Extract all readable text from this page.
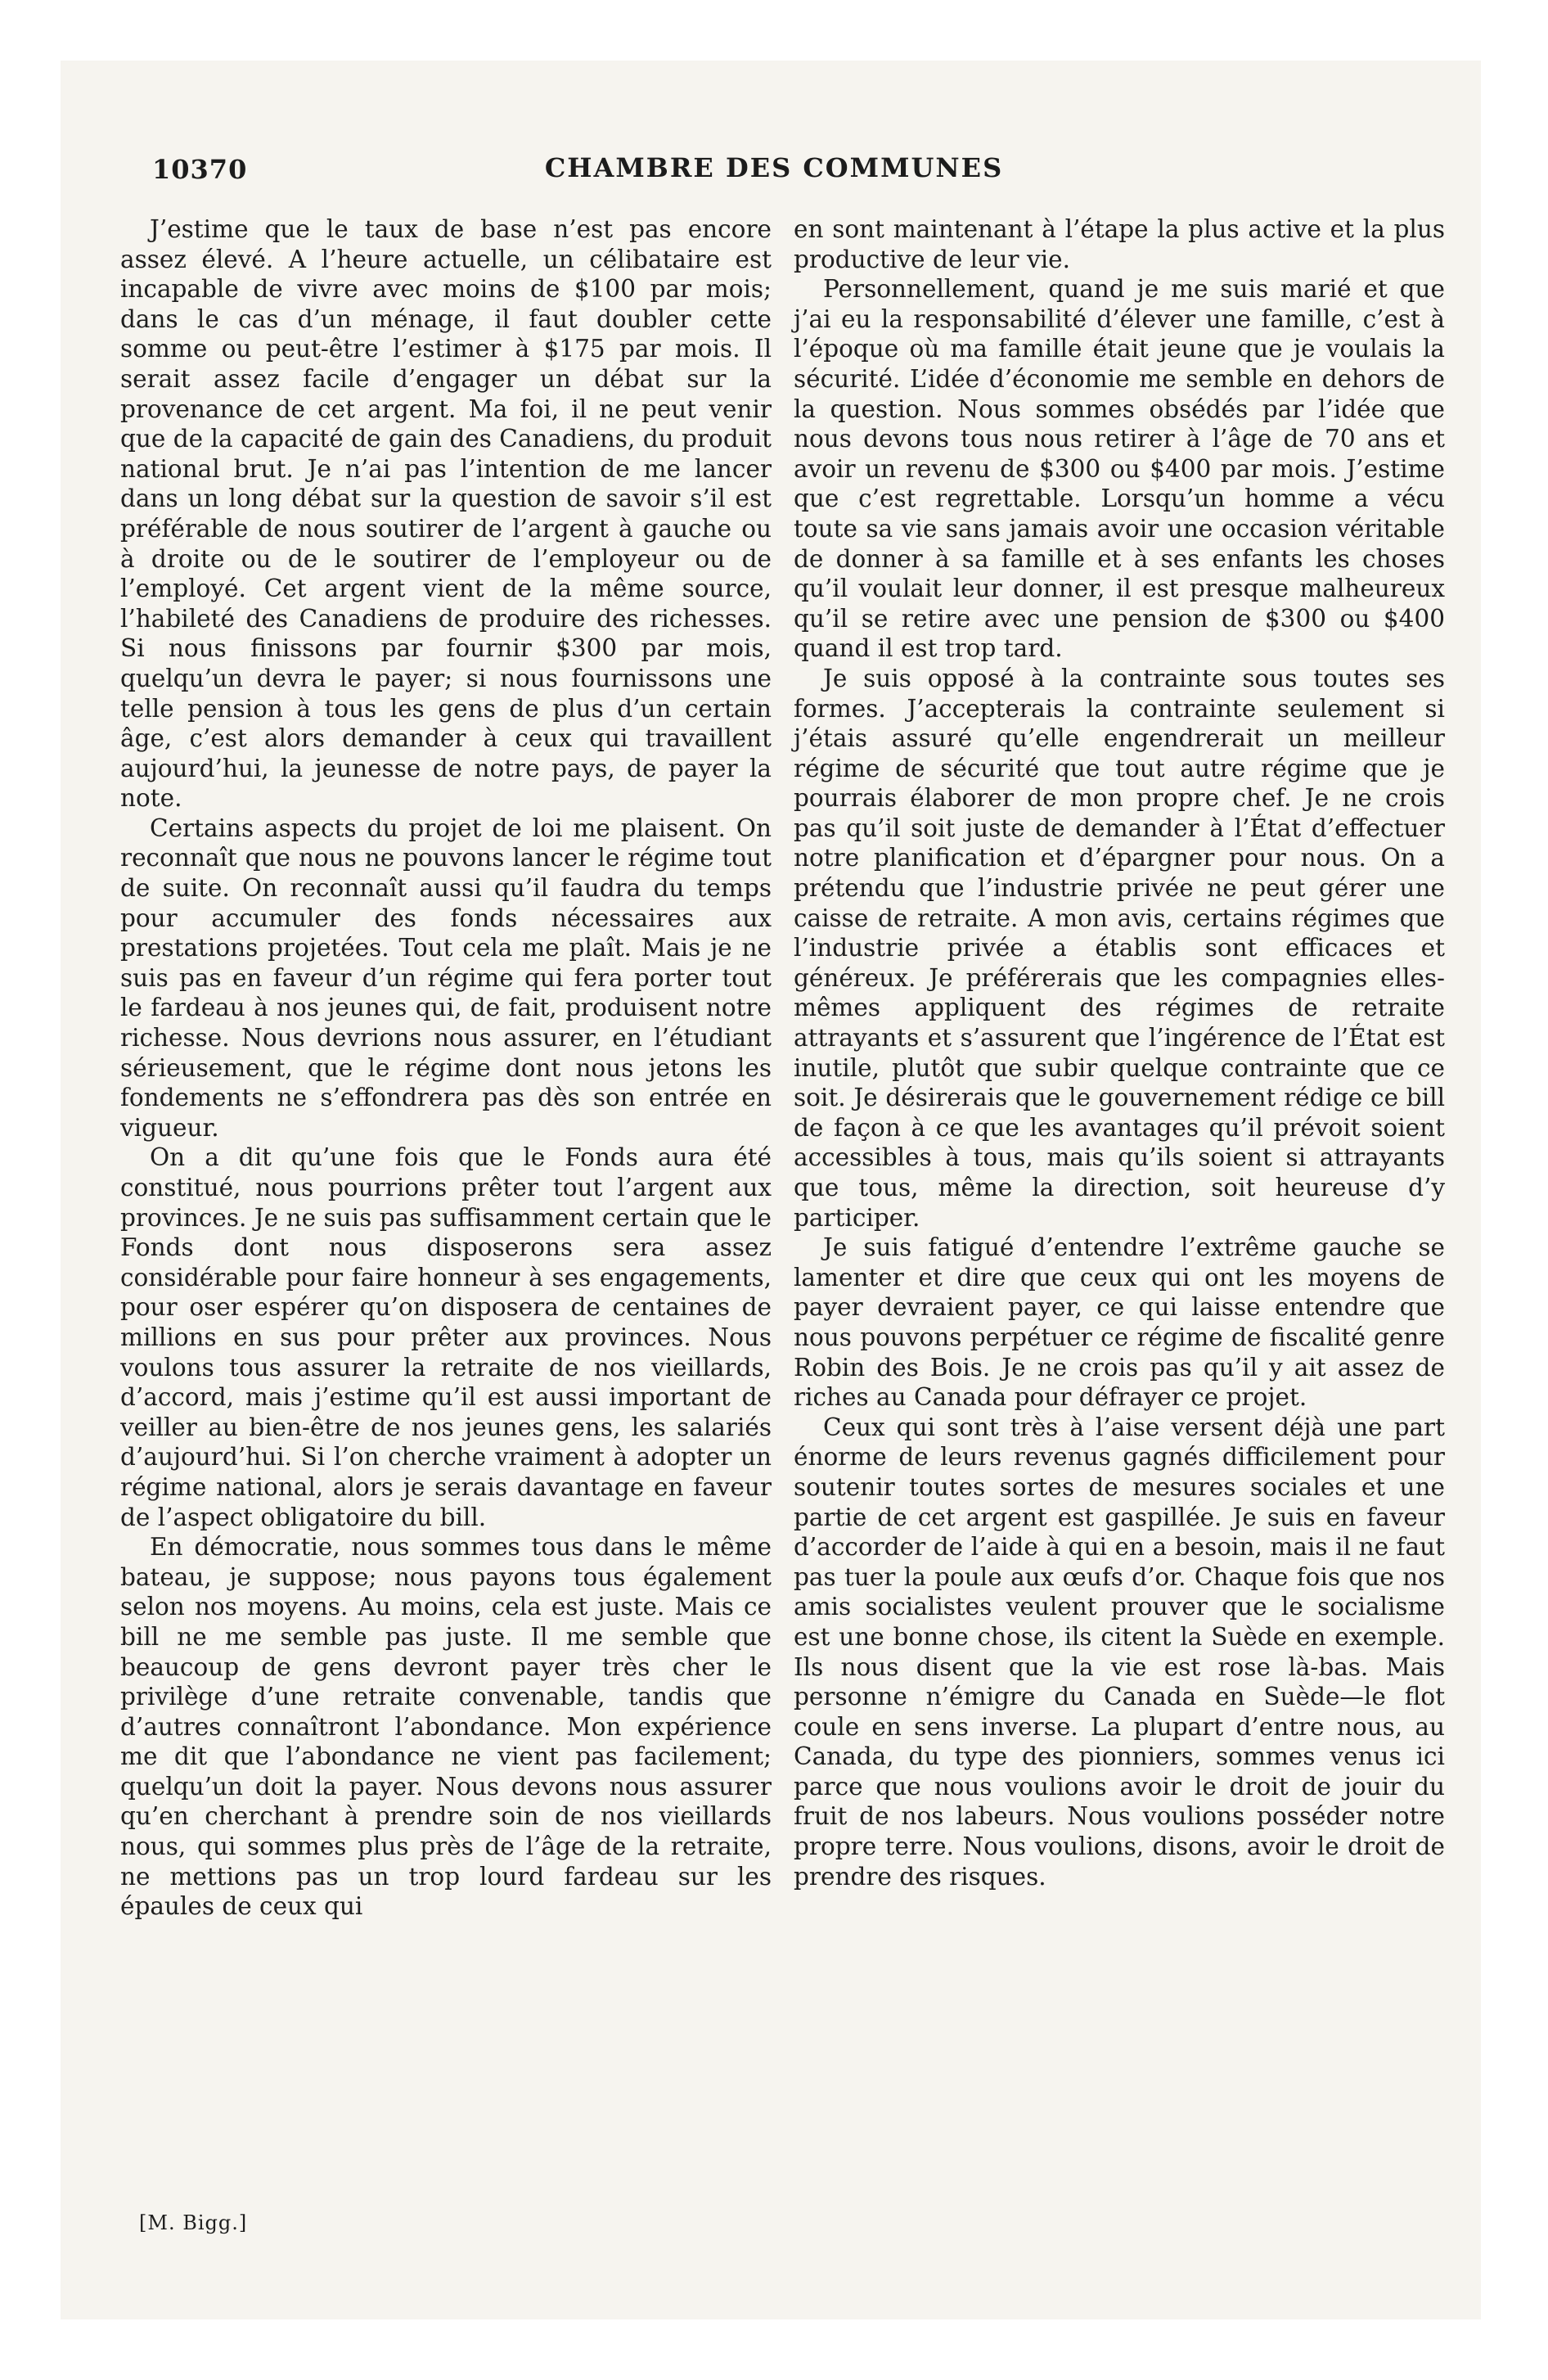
10370	CHAMBRE DES COMMUNES

J’estime que le taux de base n’est pas encore assez élevé. A l’heure actuelle, un célibataire est incapable de vivre avec moins de $100 par mois; dans le cas d’un ménage, il faut doubler cette somme ou peut-être l’estimer à $175 par mois. Il serait assez facile d’engager un débat sur la provenance de cet argent. Ma foi, il ne peut venir que de la capacité de gain des Canadiens, du produit national brut. Je n’ai pas l’intention de me lancer dans un long débat sur la question de savoir s’il est préférable de nous soutirer de l’argent à gauche ou à droite ou de le soutirer de l’employeur ou de l’employé. Cet argent vient de la même source, l’habileté des Canadiens de produire des richesses. Si nous finissons par fournir $300 par mois, quelqu’un devra le payer; si nous fournissons une telle pension à tous les gens de plus d’un certain âge, c’est alors demander à ceux qui travaillent aujourd’hui, la jeunesse de notre pays, de payer la note.

Certains aspects du projet de loi me plaisent. On reconnaît que nous ne pouvons lancer le régime tout de suite. On reconnaît aussi qu’il faudra du temps pour accumuler des fonds nécessaires aux prestations projetées. Tout cela me plaît. Mais je ne suis pas en faveur d’un régime qui fera porter tout le fardeau à nos jeunes qui, de fait, produisent notre richesse. Nous devrions nous assurer, en l’étudiant sérieusement, que le régime dont nous jetons les fondements ne s’effondrera pas dès son entrée en vigueur.

On a dit qu’une fois que le Fonds aura été constitué, nous pourrions prêter tout l’argent aux provinces. Je ne suis pas suffisamment certain que le Fonds dont nous disposerons sera assez considérable pour faire honneur à ses engagements, pour oser espérer qu’on disposera de centaines de millions en sus pour prêter aux provinces. Nous voulons tous assurer la retraite de nos vieillards, d’accord, mais j’estime qu’il est aussi important de veiller au bien-être de nos jeunes gens, les salariés d’aujourd’hui. Si l’on cherche vraiment à adopter un régime national, alors je serais davantage en faveur de l’aspect obligatoire du bill.

En démocratie, nous sommes tous dans le même bateau, je suppose; nous payons tous également selon nos moyens. Au moins, cela est juste. Mais ce bill ne me semble pas juste. Il me semble que beaucoup de gens devront payer très cher le privilège d’une retraite convenable, tandis que d’autres connaîtront l’abondance. Mon expérience me dit que l’abondance ne vient pas facilement; quelqu’un doit la payer. Nous devons nous assurer qu’en cherchant à prendre soin de nos vieillards nous, qui sommes plus près de l’âge de la retraite, ne mettions pas un trop lourd fardeau sur les épaules de ceux qui

en sont maintenant à l’étape la plus active et la plus productive de leur vie.

Personnellement, quand je me suis marié et que j’ai eu la responsabilité d’élever une famille, c’est à l’époque où ma famille était jeune que je voulais la sécurité. L’idée d’économie me semble en dehors de la question. Nous sommes obsédés par l’idée que nous devons tous nous retirer à l’âge de 70 ans et avoir un revenu de $300 ou $400 par mois. J’estime que c’est regrettable. Lorsqu’un homme a vécu toute sa vie sans jamais avoir une occasion véritable de donner à sa famille et à ses enfants les choses qu’il voulait leur donner, il est presque malheureux qu’il se retire avec une pension de $300 ou $400 quand il est trop tard.

Je suis opposé à la contrainte sous toutes ses formes. J’accepterais la contrainte seulement si j’étais assuré qu’elle engendrerait un meilleur régime de sécurité que tout autre régime que je pourrais élaborer de mon propre chef. Je ne crois pas qu’il soit juste de demander à l’État d’effectuer notre planification et d’épargner pour nous. On a prétendu que l’industrie privée ne peut gérer une caisse de retraite. A mon avis, certains régimes que l’industrie privée a établis sont efficaces et généreux. Je préférerais que les compagnies elles-mêmes appliquent des régimes de retraite attrayants et s’assurent que l’ingérence de l’État est inutile, plutôt que subir quelque contrainte que ce soit. Je désirerais que le gouvernement rédige ce bill de façon à ce que les avantages qu’il prévoit soient accessibles à tous, mais qu’ils soient si attrayants que tous, même la direction, soit heureuse d’y participer.

Je suis fatigué d’entendre l’extrême gauche se lamenter et dire que ceux qui ont les moyens de payer devraient payer, ce qui laisse entendre que nous pouvons perpétuer ce régime de fiscalité genre Robin des Bois. Je ne crois pas qu’il y ait assez de riches au Canada pour défrayer ce projet.

Ceux qui sont très à l’aise versent déjà une part énorme de leurs revenus gagnés difficilement pour soutenir toutes sortes de mesures sociales et une partie de cet argent est gaspillée. Je suis en faveur d’accorder de l’aide à qui en a besoin, mais il ne faut pas tuer la poule aux œufs d’or. Chaque fois que nos amis socialistes veulent prouver que le socialisme est une bonne chose, ils citent la Suède en exemple. Ils nous disent que la vie est rose là-bas. Mais personne n’émigre du Canada en Suède—le flot coule en sens inverse. La plupart d’entre nous, au Canada, du type des pionniers, sommes venus ici parce que nous voulions avoir le droit de jouir du fruit de nos labeurs. Nous voulions posséder notre propre terre. Nous voulions, disons, avoir le droit de prendre des risques.

[M. Bigg.]
